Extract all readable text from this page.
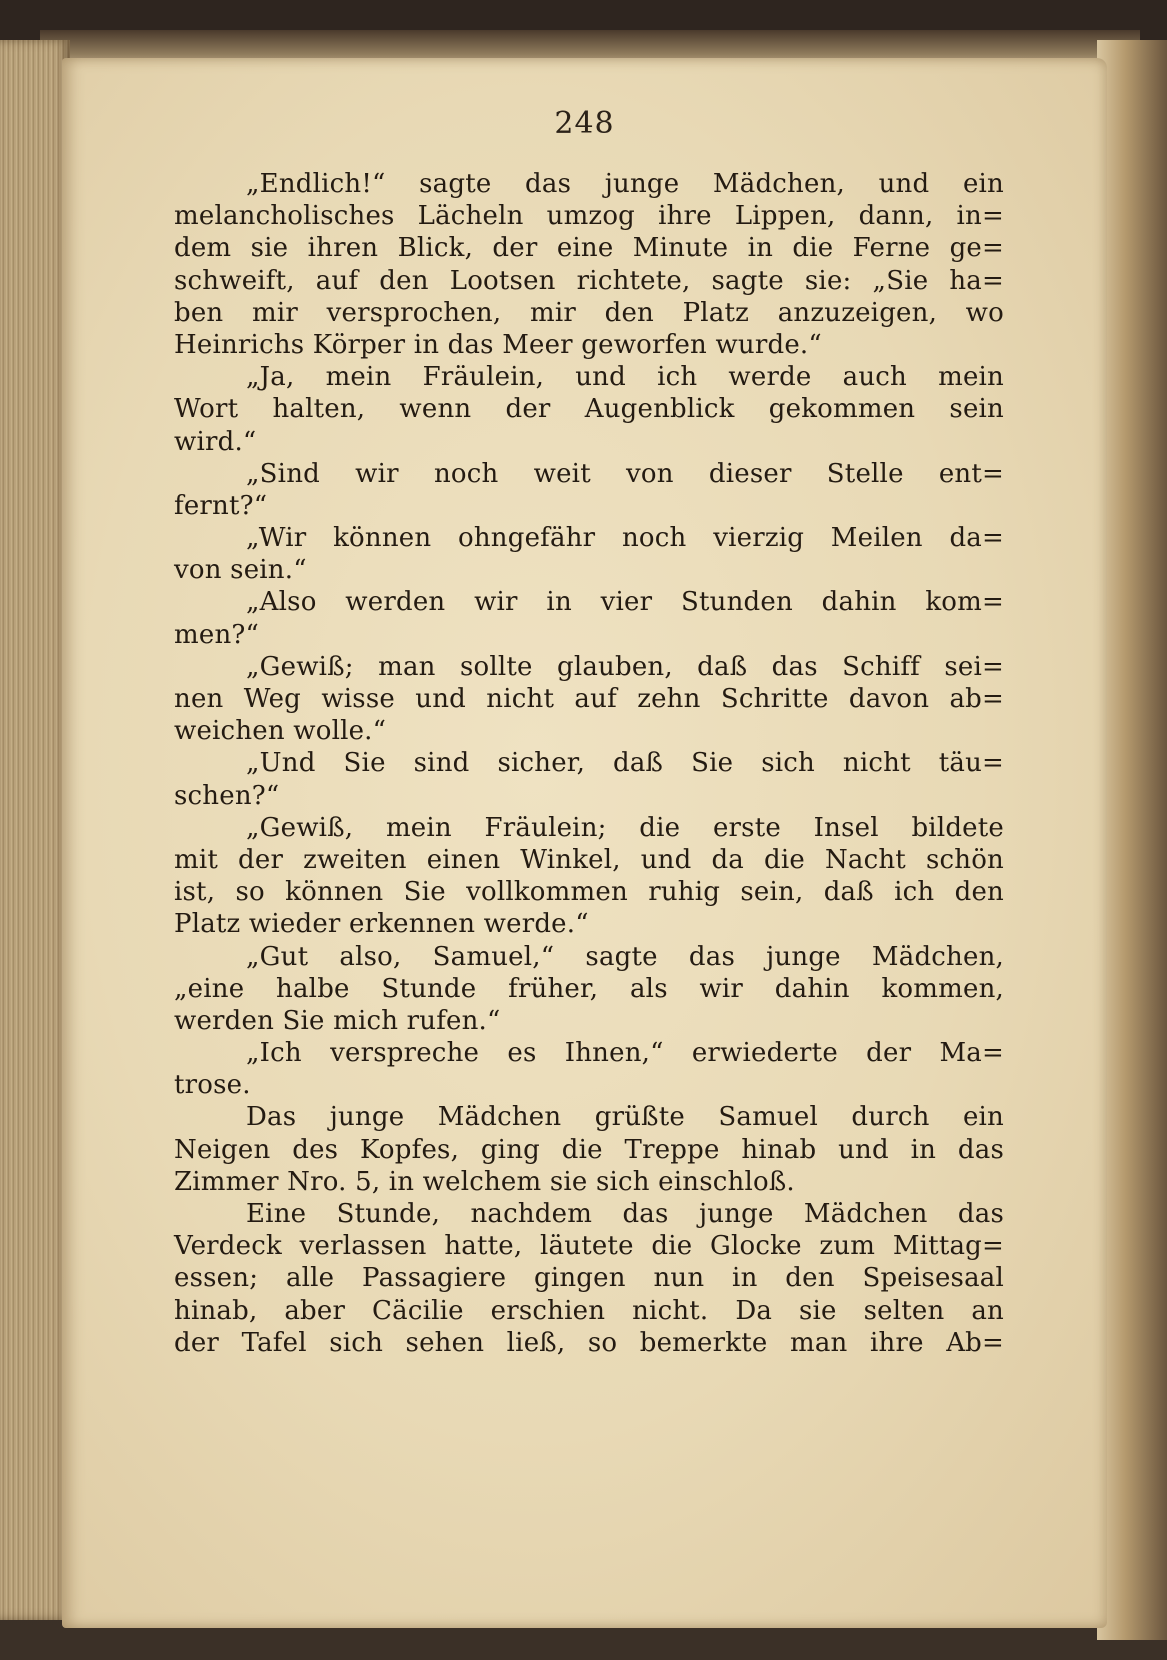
248
„Endlich!“ sagte das junge Mädchen, und ein
melancholisches Lächeln umzog ihre Lippen, dann, in=
dem sie ihren Blick, der eine Minute in die Ferne ge=
schweift, auf den Lootsen richtete, sagte sie: „Sie ha=
ben mir versprochen, mir den Platz anzuzeigen, wo
Heinrichs Körper in das Meer geworfen wurde.“
„Ja, mein Fräulein, und ich werde auch mein
Wort halten, wenn der Augenblick gekommen sein
wird.“
„Sind wir noch weit von dieser Stelle ent=
fernt?“
„Wir können ohngefähr noch vierzig Meilen da=
von sein.“
„Also werden wir in vier Stunden dahin kom=
men?“
„Gewiß; man sollte glauben, daß das Schiff sei=
nen Weg wisse und nicht auf zehn Schritte davon ab=
weichen wolle.“
„Und Sie sind sicher, daß Sie sich nicht täu=
schen?“
„Gewiß, mein Fräulein; die erste Insel bildete
mit der zweiten einen Winkel, und da die Nacht schön
ist, so können Sie vollkommen ruhig sein, daß ich den
Platz wieder erkennen werde.“
„Gut also, Samuel,“ sagte das junge Mädchen,
„eine halbe Stunde früher, als wir dahin kommen,
werden Sie mich rufen.“
„Ich verspreche es Ihnen,“ erwiederte der Ma=
trose.
Das junge Mädchen grüßte Samuel durch ein
Neigen des Kopfes, ging die Treppe hinab und in das
Zimmer Nro. 5, in welchem sie sich einschloß.
Eine Stunde, nachdem das junge Mädchen das
Verdeck verlassen hatte, läutete die Glocke zum Mittag=
essen; alle Passagiere gingen nun in den Speisesaal
hinab, aber Cäcilie erschien nicht. Da sie selten an
der Tafel sich sehen ließ, so bemerkte man ihre Ab=
